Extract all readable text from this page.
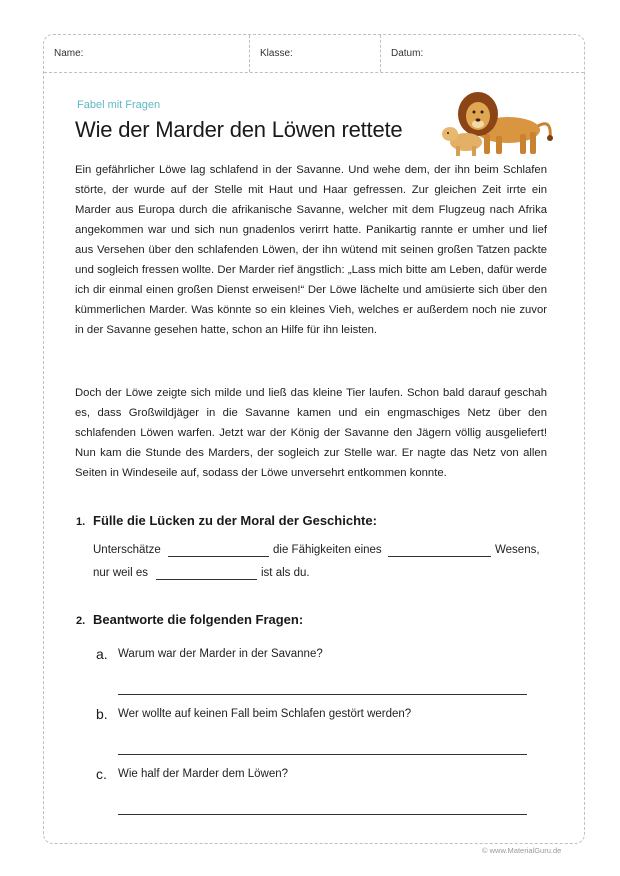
Name:	Klasse:	Datum:
Fabel mit Fragen
Wie der Marder den Löwen rettete
Ein gefährlicher Löwe lag schlafend in der Savanne. Und wehe dem, der ihn beim Schlafen störte, der wurde auf der Stelle mit Haut und Haar gefressen. Zur gleichen Zeit irrte ein Marder aus Europa durch die afrikanische Savanne, welcher mit dem Flugzeug nach Afrika angekommen war und sich nun gnadenlos verirrt hatte. Panikartig rannte er umher und lief aus Versehen über den schlafenden Löwen, der ihn wütend mit seinen großen Tatzen packte und sogleich fressen wollte. Der Marder rief ängstlich: „Lass mich bitte am Leben, dafür werde ich dir einmal einen großen Dienst erweisen!“ Der Löwe lächelte und amüsierte sich über den kümmerlichen Marder. Was könnte so ein kleines Vieh, welches er außerdem noch nie zuvor in der Savanne gesehen hatte, schon an Hilfe für ihn leisten.
Doch der Löwe zeigte sich milde und ließ das kleine Tier laufen. Schon bald darauf geschah es, dass Großwildjäger in die Savanne kamen und ein engmaschiges Netz über den schlafenden Löwen warfen. Jetzt war der König der Savanne den Jägern völlig ausgeliefert! Nun kam die Stunde des Marders, der sogleich zur Stelle war. Er nagte das Netz von allen Seiten in Windeseile auf, sodass der Löwe unversehrt entkommen konnte.
1. Fülle die Lücken zu der Moral der Geschichte:
Unterschätze	die Fähigkeiten eines	Wesens,
nur weil es	ist als du.
2. Beantworte die folgenden Fragen:
a. Warum war der Marder in der Savanne?
b. Wer wollte auf keinen Fall beim Schlafen gestört werden?
c. Wie half der Marder dem Löwen?
© www.MaterialGuru.de
